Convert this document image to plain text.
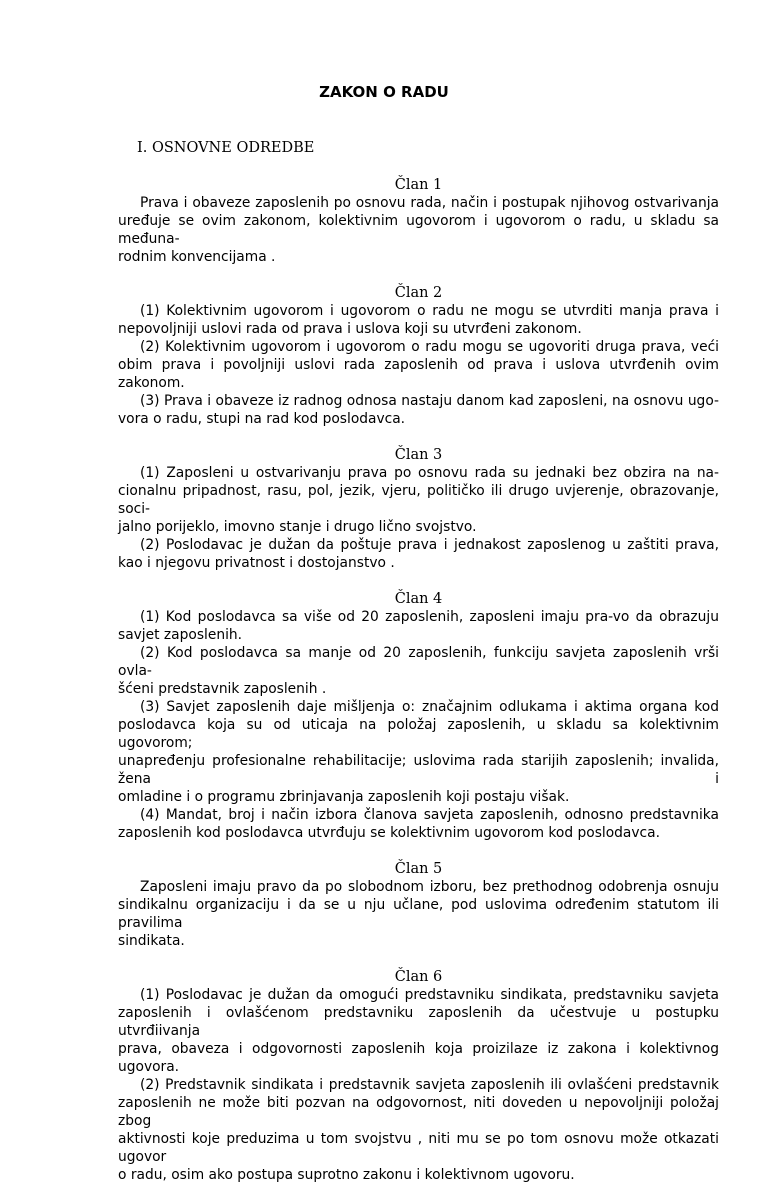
ZAKON O RADU
I. OSNOVNE ODREDBE
Član 1

Prava i obaveze zaposlenih po osnovu rada, način i postupak njihovog ostvarivanja
uređuje se ovim zakonom, kolektivnim ugovorom i ugovorom o radu, u skladu sa međuna-
rodnim konvencijama .

Član 2

(1) Kolektivnim ugovorom i ugovorom o radu ne mogu se utvrditi manja prava i
nepovoljniji uslovi rada od prava i uslova koji su utvrđeni zakonom.

(2) Kolektivnim ugovorom i ugovorom o radu mogu se ugovoriti druga prava, veći
obim prava i povoljniji uslovi rada zaposlenih od prava i uslova utvrđenih ovim zakonom.

(3) Prava i obaveze iz radnog odnosa nastaju danom kad zaposleni, na osnovu ugo-
vora o radu, stupi na rad kod poslodavca.

Član 3

(1) Zaposleni u ostvarivanju prava po osnovu rada su jednaki bez obzira na na-
cionalnu pripadnost, rasu, pol, jezik, vjeru, političko ili drugo uvjerenje, obrazovanje, soci-
jalno porijeklo, imovno stanje i drugo lično svojstvo.

(2) Poslodavac je dužan da poštuje prava i jednakost zaposlenog u zaštiti prava,
kao i njegovu privatnost i dostojanstvo .

Član 4

(1) Kod poslodavca sa više od 20 zaposlenih, zaposleni imaju pra-vo da obrazuju
savjet zaposlenih.

(2) Kod poslodavca sa manje od 20 zaposlenih, funkciju savjeta zaposlenih vrši ovla-
šćeni predstavnik zaposlenih .

(3) Savjet zaposlenih daje mišljenja o: značajnim odlukama i aktima organa kod
poslodavca koja su od uticaja na položaj zaposlenih, u skladu sa kolektivnim ugovorom;
unapređenju profesionalne rehabilitacije; uslovima rada starijih zaposlenih; invalida, žena i
omladine i o programu zbrinjavanja zaposlenih koji postaju višak.

(4) Mandat, broj i način izbora članova savjeta zaposlenih, odnosno predstavnika
zaposlenih kod poslodavca utvrđuju se kolektivnim ugovorom kod poslodavca.

Član 5

Zaposleni imaju pravo da po slobodnom izboru, bez prethodnog odobrenja osnuju
sindikalnu organizaciju i da se u nju učlane, pod uslovima određenim statutom ili pravilima
sindikata.

Član 6

(1) Poslodavac je dužan da omogući predstavniku sindikata, predstavniku savjeta
zaposlenih i ovlašćenom predstavniku zaposlenih da učestvuje u postupku utvrđiivanja
prava, obaveza i odgovornosti zaposlenih koja proizilaze iz zakona i kolektivnog ugovora.

(2) Predstavnik sindikata i predstavnik savjeta zaposlenih ili ovlašćeni predstavnik
zaposlenih ne može biti pozvan na odgovornost, niti doveden u nepovoljniji položaj zbog
aktivnosti koje preduzima u tom svojstvu , niti mu se po tom osnovu može otkazati ugovor
o radu, osim ako postupa suprotno zakonu i kolektivnom ugovoru.
